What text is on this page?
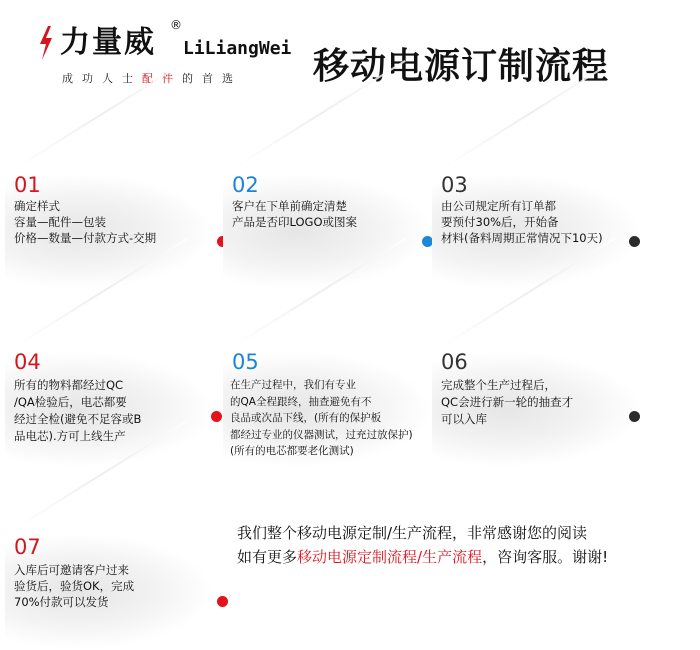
力量威 ®
LiLiangWei
成功人士配件的首选 移动电源订制流程
01
确定样式
容量—配件—包装
价格—数量—付款方式-交期
02
客户在下单前确定清楚
产品是否印LOGO或图案
03
由公司规定所有订单都
要预付30%后，开始备
材料(备料周期正常情况下10天)
04
所有的物料都经过QC
/QA检验后，电芯都要
经过全检(避免不足容或B
品电芯).方可上线生产
05
在生产过程中，我们有专业
的QA全程跟终，抽查避免有不
良品或次品下线，(所有的保护板
都经过专业的仪器测试，过充过放保护)
(所有的电芯都要老化测试)
06
完成整个生产过程后，
QC会进行新一轮的抽查才
可以入库
07
入库后可邀请客户过来
验货后，验货OK，完成
70%付款可以发货
我们整个移动电源定制/生产流程，非常感谢您的阅读
如有更多移动电源定制流程/生产流程，咨询客服。谢谢!
